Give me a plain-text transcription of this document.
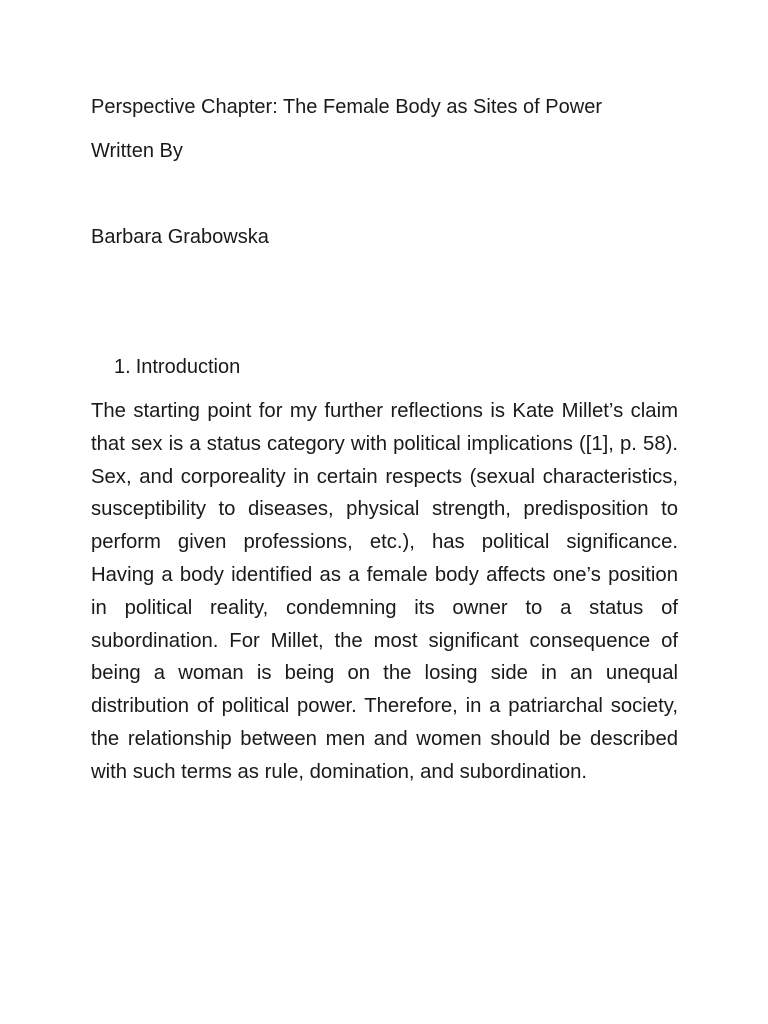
Perspective Chapter: The Female Body as Sites of Power
Written By
Barbara Grabowska
1. Introduction

The starting point for my further reflections is Kate Millet’s claim that sex is a status category with political implications ([1], p. 58). Sex, and corporeality in certain respects (sexual characteristics, susceptibility to diseases, physical strength, predisposition to perform given professions, etc.), has political significance. Having a body identified as a female body affects one’s position in political reality, condemning its owner to a status of subordination. For Millet, the most significant consequence of being a woman is being on the losing side in an unequal distribution of political power. Therefore, in a patriarchal society, the relationship between men and women should be described with such terms as rule, domination, and subordination.
